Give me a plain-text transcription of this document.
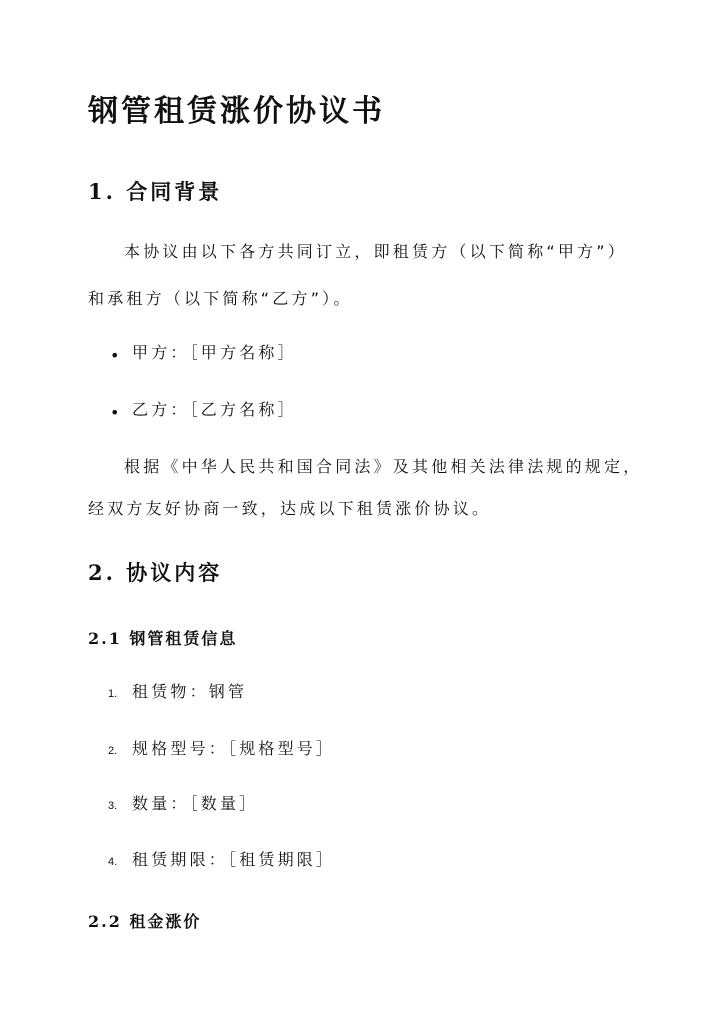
钢管租赁涨价协议书
1. 合同背景
本协议由以下各方共同订立，即租赁方（以下简称“甲方”）
和承租方（以下简称“乙方”）。
• 甲方：［甲方名称］
• 乙方：［乙方名称］
根据《中华人民共和国合同法》及其他相关法律法规的规定，
经双方友好协商一致，达成以下租赁涨价协议。
2. 协议内容
2.1 钢管租赁信息
1. 租赁物：钢管
2. 规格型号：［规格型号］
3. 数量：［数量］
4. 租赁期限：［租赁期限］
2.2 租金涨价
